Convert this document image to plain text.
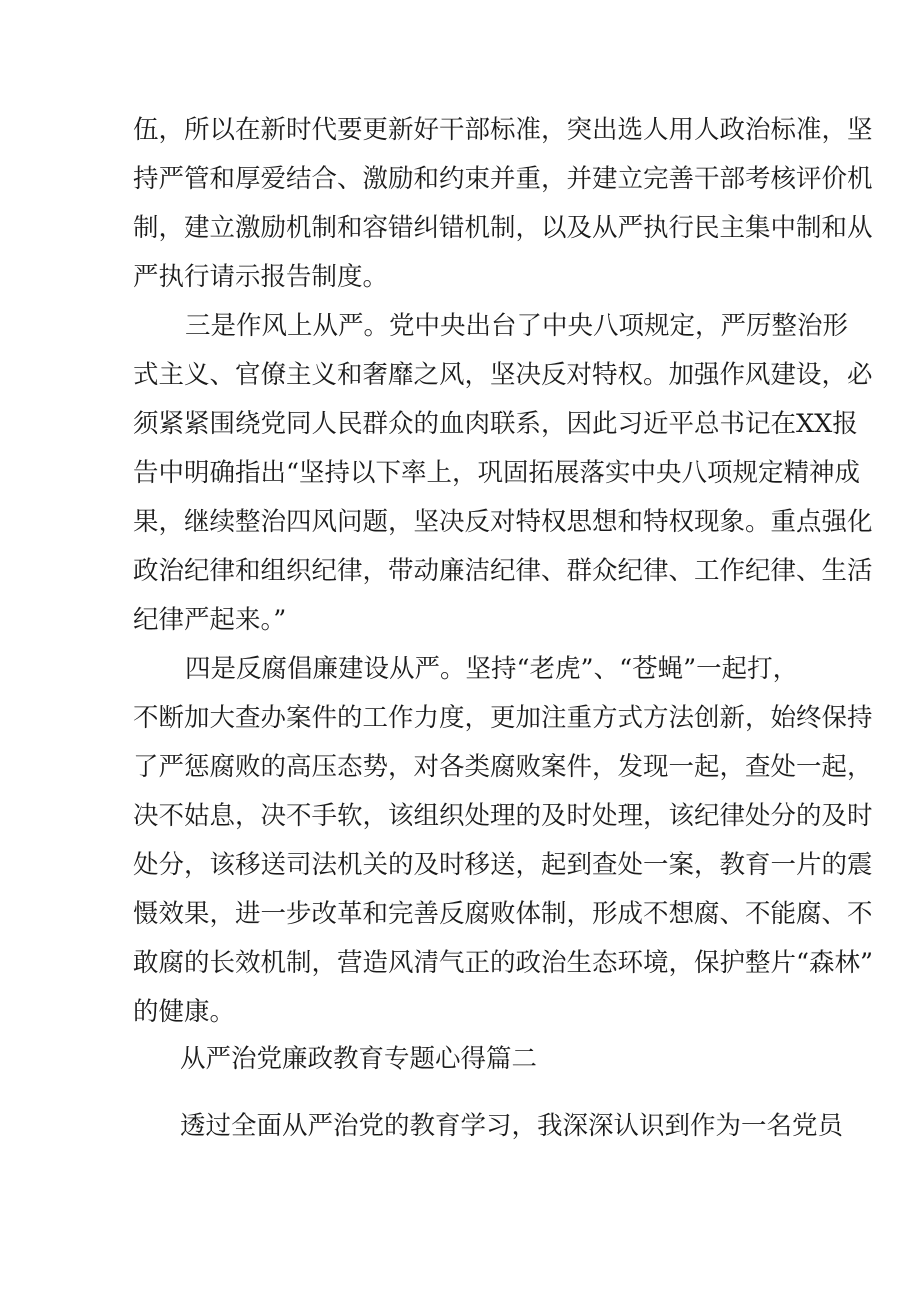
伍，所以在新时代要更新好干部标准，突出选人用人政治标准，坚
持严管和厚爱结合、激励和约束并重，并建立完善干部考核评价机
制，建立激励机制和容错纠错机制，以及从严执行民主集中制和从
严执行请示报告制度。
三是作风上从严。党中央出台了中央八项规定，严厉整治形
式主义、官僚主义和奢靡之风，坚决反对特权。加强作风建设，必
须紧紧围绕党同人民群众的血肉联系，因此习近平总书记在XX报
告中明确指出“坚持以下率上，巩固拓展落实中央八项规定精神成
果，继续整治四风问题，坚决反对特权思想和特权现象。重点强化
政治纪律和组织纪律，带动廉洁纪律、群众纪律、工作纪律、生活
纪律严起来。”
四是反腐倡廉建设从严。坚持“老虎”、“苍蝇”一起打，
不断加大查办案件的工作力度，更加注重方式方法创新，始终保持
了严惩腐败的高压态势，对各类腐败案件，发现一起，查处一起，
决不姑息，决不手软，该组织处理的及时处理，该纪律处分的及时
处分，该移送司法机关的及时移送，起到查处一案，教育一片的震
慑效果，进一步改革和完善反腐败体制，形成不想腐、不能腐、不
敢腐的长效机制，营造风清气正的政治生态环境，保护整片“森林”
的健康。
从严治党廉政教育专题心得篇二
透过全面从严治党的教育学习，我深深认识到作为一名党员
